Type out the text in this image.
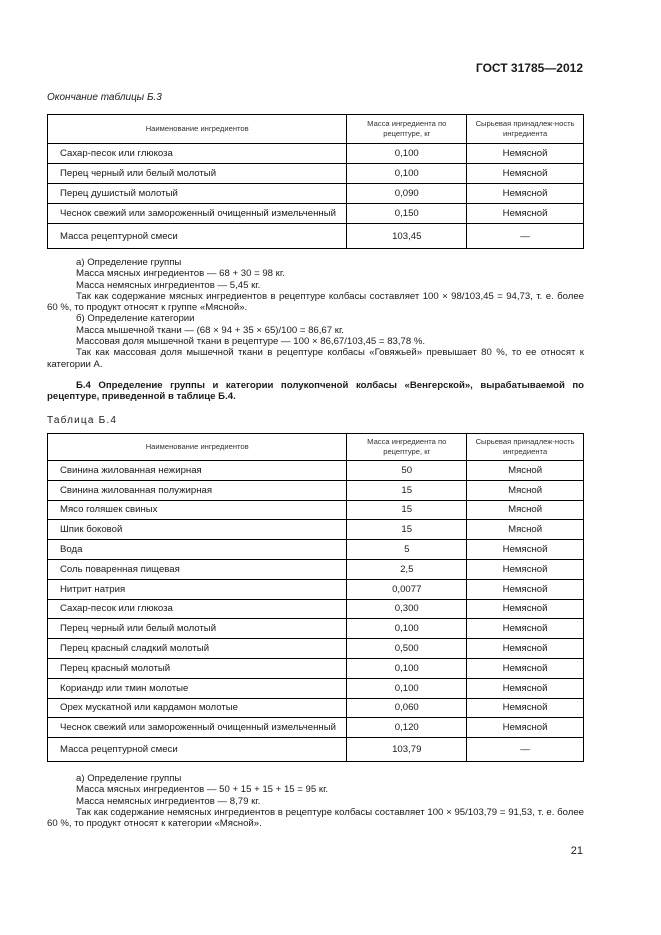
ГОСТ 31785—2012
Окончание таблицы Б.3
Наименование ингредиентов	Масса ингредиента по рецептуре, кг	Сырьевая принадлеж-ность ингредиента
Сахар-песок или глюкоза	0,100	Немясной
Перец черный или белый молотый	0,100	Немясной
Перец душистый молотый	0,090	Немясной
Чеснок свежий или замороженный очищенный измельченный	0,150	Немясной
Масса рецептурной смеси	103,45	—
а) Определение группы
Масса мясных ингредиентов — 68 + 30 = 98 кг.
Масса немясных ингредиентов — 5,45 кг.
Так как содержание мясных ингредиентов в рецептуре колбасы составляет 100 × 98/103,45 = 94,73, т. е. более 60 %, то продукт относят к группе «Мясной».
б) Определение категории
Масса мышечной ткани — (68 × 94 + 35 × 65)/100 = 86,67 кг.
Массовая доля мышечной ткани в рецептуре — 100 × 86,67/103,45 = 83,78 %.
Так как массовая доля мышечной ткани в рецептуре колбасы «Говяжьей» превышает 80 %, то ее относят к категории А.
Б.4 Определение группы и категории полукопченой колбасы «Венгерской», вырабатываемой по рецептуре, приведенной в таблице Б.4.
Таблица Б.4
Наименование ингредиентов	Масса ингредиента по рецептуре, кг	Сырьевая принадлеж-ность ингредиента
Свинина жилованная нежирная	50	Мясной
Свинина жилованная полужирная	15	Мясной
Мясо голяшек свиных	15	Мясной
Шпик боковой	15	Мясной
Вода	5	Немясной
Соль поваренная пищевая	2,5	Немясной
Нитрит натрия	0,0077	Немясной
Сахар-песок или глюкоза	0,300	Немясной
Перец черный или белый молотый	0,100	Немясной
Перец красный сладкий молотый	0,500	Немясной
Перец красный молотый	0,100	Немясной
Кориандр или тмин молотые	0,100	Немясной
Орех мускатной или кардамон молотые	0,060	Немясной
Чеснок свежий или замороженный очищенный измельченный	0,120	Немясной
Масса рецептурной смеси	103,79	—
а) Определение группы
Масса мясных ингредиентов — 50 + 15 + 15 + 15 = 95 кг.
Масса немясных ингредиентов — 8,79 кг.
Так как содержание немясных ингредиентов в рецептуре колбасы составляет 100 × 95/103,79 = 91,53, т. е. более 60 %, то продукт относят к категории «Мясной».
21
